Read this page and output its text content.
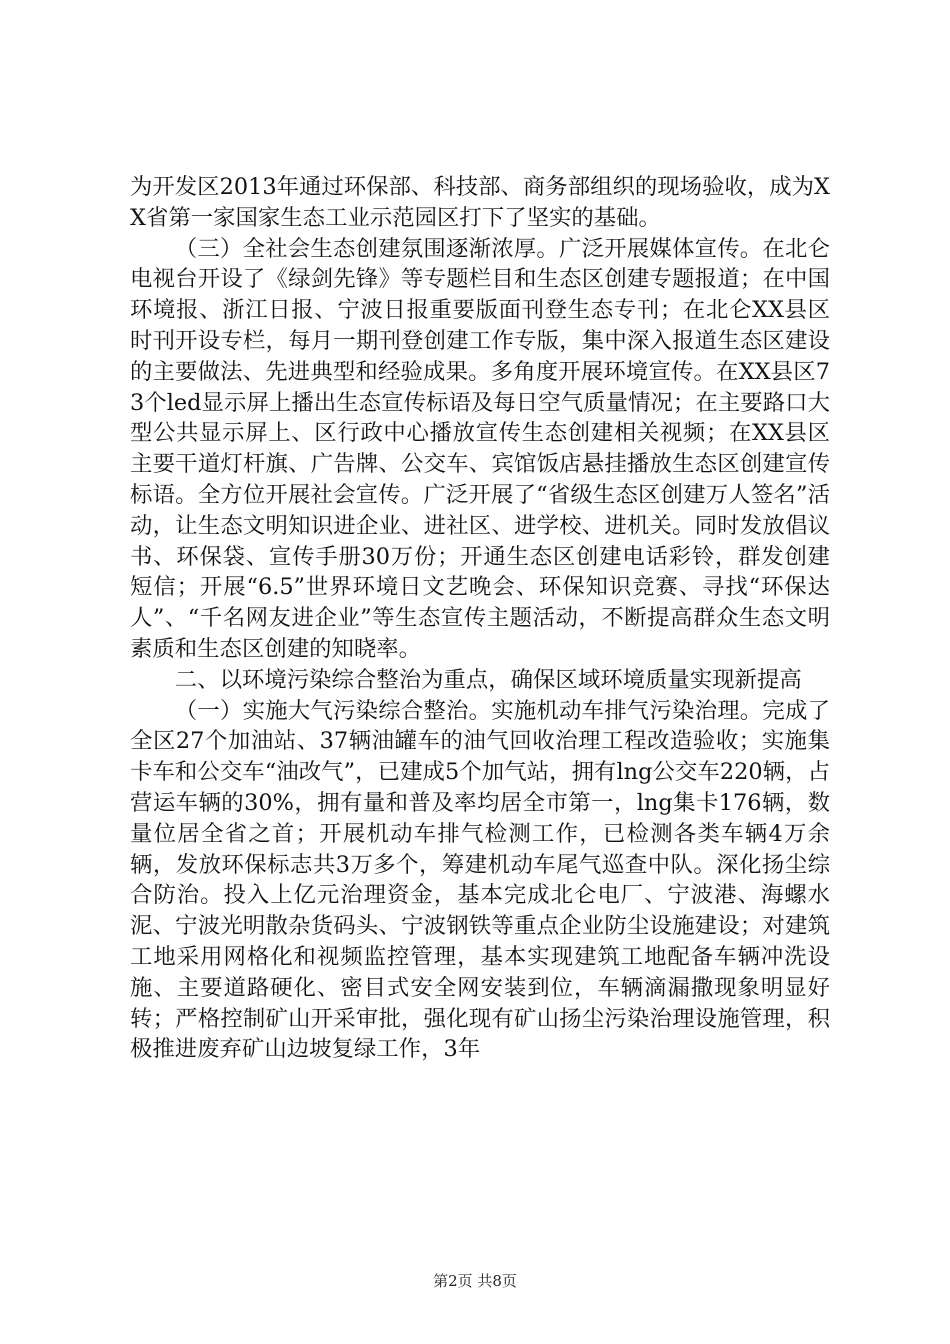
为开发区2013年通过环保部、科技部、商务部组织的现场验收，成为XX省第一家国家生态工业示范园区打下了坚实的基础。

（三）全社会生态创建氛围逐渐浓厚。广泛开展媒体宣传。在北仑电视台开设了《绿剑先锋》等专题栏目和生态区创建专题报道；在中国环境报、浙江日报、宁波日报重要版面刊登生态专刊；在北仑XX县区时刊开设专栏，每月一期刊登创建工作专版，集中深入报道生态区建设的主要做法、先进典型和经验成果。多角度开展环境宣传。在XX县区73个led显示屏上播出生态宣传标语及每日空气质量情况；在主要路口大型公共显示屏上、区行政中心播放宣传生态创建相关视频；在XX县区主要干道灯杆旗、广告牌、公交车、宾馆饭店悬挂播放生态区创建宣传标语。全方位开展社会宣传。广泛开展了“省级生态区创建万人签名”活动，让生态文明知识进企业、进社区、进学校、进机关。同时发放倡议书、环保袋、宣传手册30万份；开通生态区创建电话彩铃，群发创建短信；开展“6.5”世界环境日文艺晚会、环保知识竞赛、寻找“环保达人”、“千名网友进企业”等生态宣传主题活动，不断提高群众生态文明素质和生态区创建的知晓率。

二、以环境污染综合整治为重点，确保区域环境质量实现新提高

（一）实施大气污染综合整治。实施机动车排气污染治理。完成了全区27个加油站、37辆油罐车的油气回收治理工程改造验收；实施集卡车和公交车“油改气”，已建成5个加气站，拥有lng公交车220辆，占营运车辆的30%，拥有量和普及率均居全市第一，lng集卡176辆，数量位居全省之首；开展机动车排气检测工作，已检测各类车辆4万余辆，发放环保标志共3万多个，筹建机动车尾气巡查中队。深化扬尘综合防治。投入上亿元治理资金，基本完成北仑电厂、宁波港、海螺水泥、宁波光明散杂货码头、宁波钢铁等重点企业防尘设施建设；对建筑工地采用网格化和视频监控管理，基本实现建筑工地配备车辆冲洗设施、主要道路硬化、密目式安全网安装到位，车辆滴漏撒现象明显好转；严格控制矿山开采审批，强化现有矿山扬尘污染治理设施管理，积极推进废弃矿山边坡复绿工作，3年

第2页 共8页
